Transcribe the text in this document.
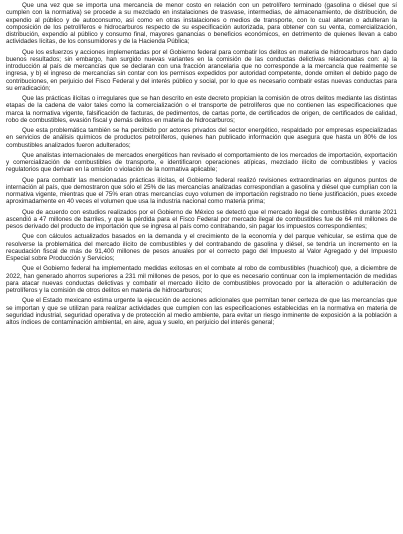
Que una vez que se importa una mercancía de menor costo en relación con un petrolífero terminado (gasolina o diésel que sí cumplen con la normativa) se procede a su mezclado en instalaciones de trasvase, intermedias, de almacenamiento, de distribución, de expendio al público y de autoconsumo, así como en otras instalaciones o medios de transporte, con lo cual alteran o adulteran la composición de los petrolíferos e hidrocarburos respecto de su especificación autorizada, para obtener con su venta, comercialización, distribución, expendio al público y consumo final, mayores ganancias o beneficios económicos, en detrimento de quienes llevan a cabo actividades lícitas, de los consumidores y de la Hacienda Pública;

Que los esfuerzos y acciones implementadas por el Gobierno federal para combatir los delitos en materia de hidrocarburos han dado buenos resultados; sin embargo, han surgido nuevas variantes en la comisión de las conductas delictivas relacionadas con: a) la introducción al país de mercancías que se declaran con una fracción arancelaria que no corresponde a la mercancía que realmente se ingresa, y b) el ingreso de mercancías sin contar con los permisos expedidos por autoridad competente, donde omiten el debido pago de contribuciones, en perjuicio del Fisco Federal y del interés público y social, por lo que es necesario combatir estas nuevas conductas para su erradicación;

Que las prácticas ilícitas o irregulares que se han descrito en este decreto propician la comisión de otros delitos mediante las distintas etapas de la cadena de valor tales como la comercialización o el transporte de petrolíferos que no contienen las especificaciones que marca la normativa vigente, falsificación de facturas, de pedimentos, de cartas porte, de certificados de origen, de certificados de calidad, robo de combustibles, evasión fiscal y demás delitos en materia de hidrocarburos;

Que esta problemática también se ha percibido por actores privados del sector energético, respaldado por empresas especializadas en servicios de análisis químicos de productos petrolíferos, quienes han publicado información que asegura que hasta un 80% de los combustibles analizados fueron adulterados;

Que analistas internacionales de mercados energéticos han revisado el comportamiento de los mercados de importación, exportación y comercialización de combustibles de transporte, e identificaron operaciones atípicas, mezclado ilícito de combustibles y vacíos regulatorios que derivan en la omisión o violación de la normativa aplicable;

Que para combatir las mencionadas prácticas ilícitas, el Gobierno federal realizó revisiones extraordinarias en algunos puntos de internación al país, que demostraron que sólo el 25% de las mercancías analizadas correspondían a gasolina y diésel que cumplían con la normativa vigente, mientras que el 75% eran otras mercancías cuyo volumen de importación registrado no tiene justificación, pues excede aproximadamente en 40 veces el volumen que usa la industria nacional como materia prima;

Que de acuerdo con estudios realizados por el Gobierno de México se detectó que el mercado ilegal de combustibles durante 2021 ascendió a 47 millones de barriles, y que la pérdida para el Fisco Federal por mercado ilegal de combustibles fue de 64 mil millones de pesos derivado del producto de importación que se ingresa al país como contrabando, sin pagar los impuestos correspondientes;

Que con cálculos actualizados basados en la demanda y el crecimiento de la economía y del parque vehicular, se estima que de resolverse la problemática del mercado ilícito de combustibles y del contrabando de gasolina y diésel, se tendría un incremento en la recaudación fiscal de más de 91,400 millones de pesos anuales por el correcto pago del Impuesto al Valor Agregado y del Impuesto Especial sobre Producción y Servicios;

Que el Gobierno federal ha implementado medidas exitosas en el combate al robo de combustibles (huachicol) que, a diciembre de 2022, han generado ahorros superiores a 231 mil millones de pesos, por lo que es necesario continuar con la implementación de medidas para atacar nuevas conductas delictivas y combatir el mercado ilícito de combustibles provocado por la alteración o adulteración de petrolíferos y la comisión de otros delitos en materia de hidrocarburos;

Que el Estado mexicano estima urgente la ejecución de acciones adicionales que permitan tener certeza de que las mercancías que se importan y que se utilizan para realizar actividades que cumplen con las especificaciones establecidas en la normativa en materia de seguridad industrial, seguridad operativa y de protección al medio ambiente, para evitar un riesgo inminente de exposición a la población a altos índices de contaminación ambiental, en aire, agua y suelo, en perjuicio del interés general;
